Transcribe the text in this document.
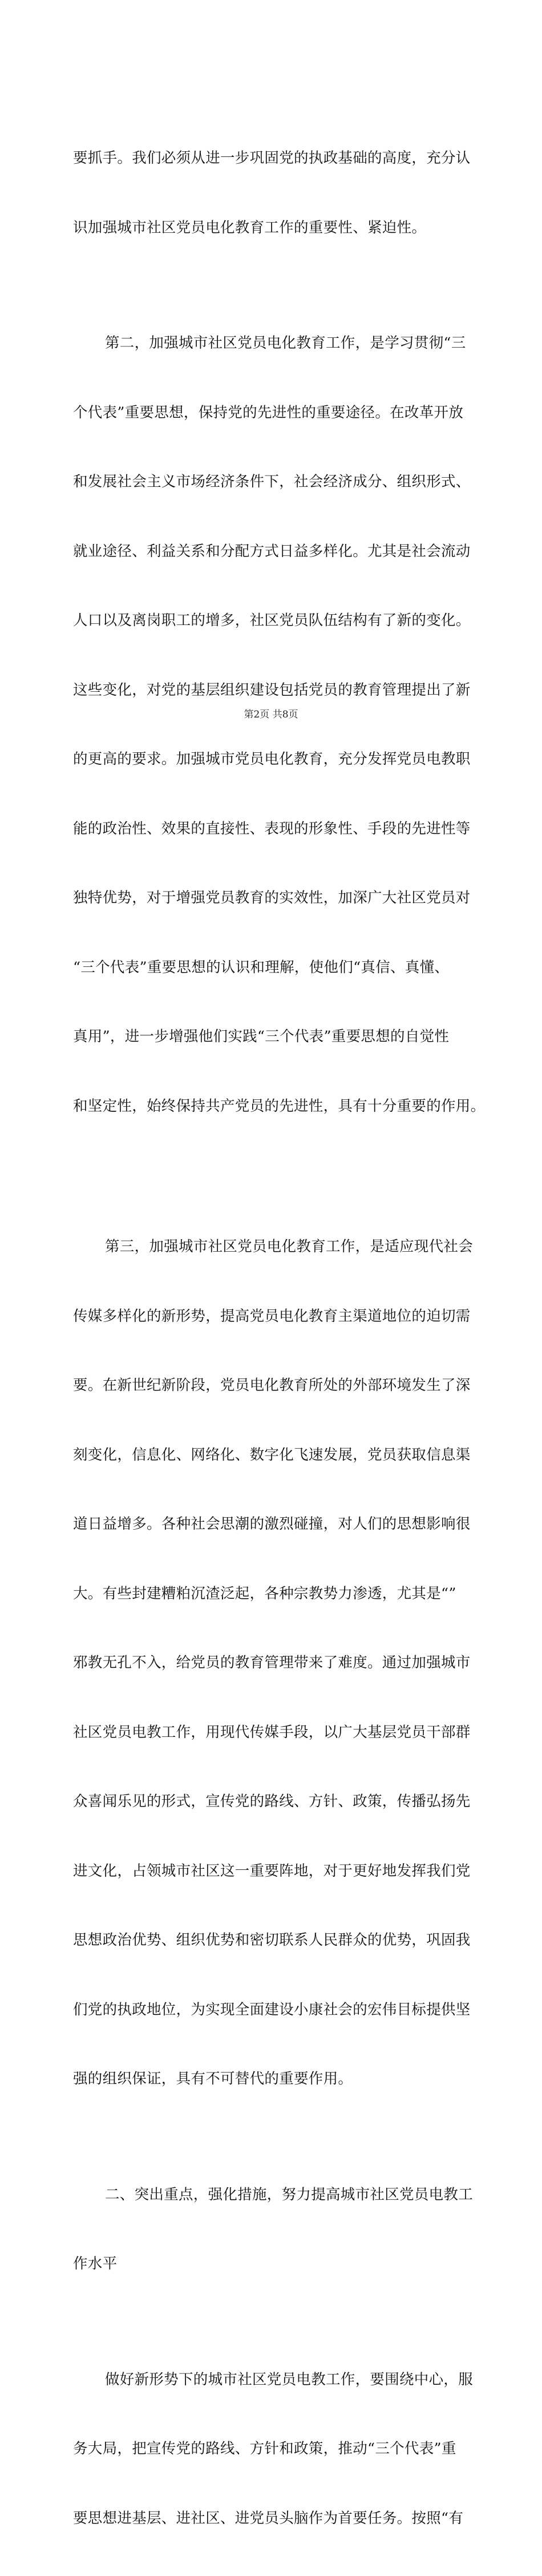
要抓手。我们必须从进一步巩固党的执政基础的高度，充分认

识加强城市社区党员电化教育工作的重要性、紧迫性。

第二，加强城市社区党员电化教育工作，是学习贯彻“三

个代表”重要思想，保持党的先进性的重要途径。在改革开放

和发展社会主义市场经济条件下，社会经济成分、组织形式、

就业途径、利益关系和分配方式日益多样化。尤其是社会流动

人口以及离岗职工的增多，社区党员队伍结构有了新的变化。

这些变化，对党的基层组织建设包括党员的教育管理提出了新

的更高的要求。加强城市党员电化教育，充分发挥党员电教职

能的政治性、效果的直接性、表现的形象性、手段的先进性等

独特优势，对于增强党员教育的实效性，加深广大社区党员对

“三个代表”重要思想的认识和理解，使他们“真信、真懂、

真用”，进一步增强他们实践“三个代表”重要思想的自觉性

和坚定性，始终保持共产党员的先进性，具有十分重要的作用。

第三，加强城市社区党员电化教育工作，是适应现代社会

传媒多样化的新形势，提高党员电化教育主渠道地位的迫切需

要。在新世纪新阶段，党员电化教育所处的外部环境发生了深

刻变化，信息化、网络化、数字化飞速发展，党员获取信息渠

道日益增多。各种社会思潮的激烈碰撞，对人们的思想影响很

大。有些封建糟粕沉渣泛起，各种宗教势力渗透，尤其是“”

邪教无孔不入，给党员的教育管理带来了难度。通过加强城市

社区党员电教工作，用现代传媒手段，以广大基层党员干部群

众喜闻乐见的形式，宣传党的路线、方针、政策，传播弘扬先

进文化，占领城市社区这一重要阵地，对于更好地发挥我们党

思想政治优势、组织优势和密切联系人民群众的优势，巩固我

们党的执政地位，为实现全面建设小康社会的宏伟目标提供坚

强的组织保证，具有不可替代的重要作用。

二、突出重点，强化措施，努力提高城市社区党员电教工

作水平

做好新形势下的城市社区党员电教工作，要围绕中心，服

务大局，把宣传党的路线、方针和政策，推动“三个代表”重

要思想进基层、进社区、进党员头脑作为首要任务。按照“有

第2页 共8页
